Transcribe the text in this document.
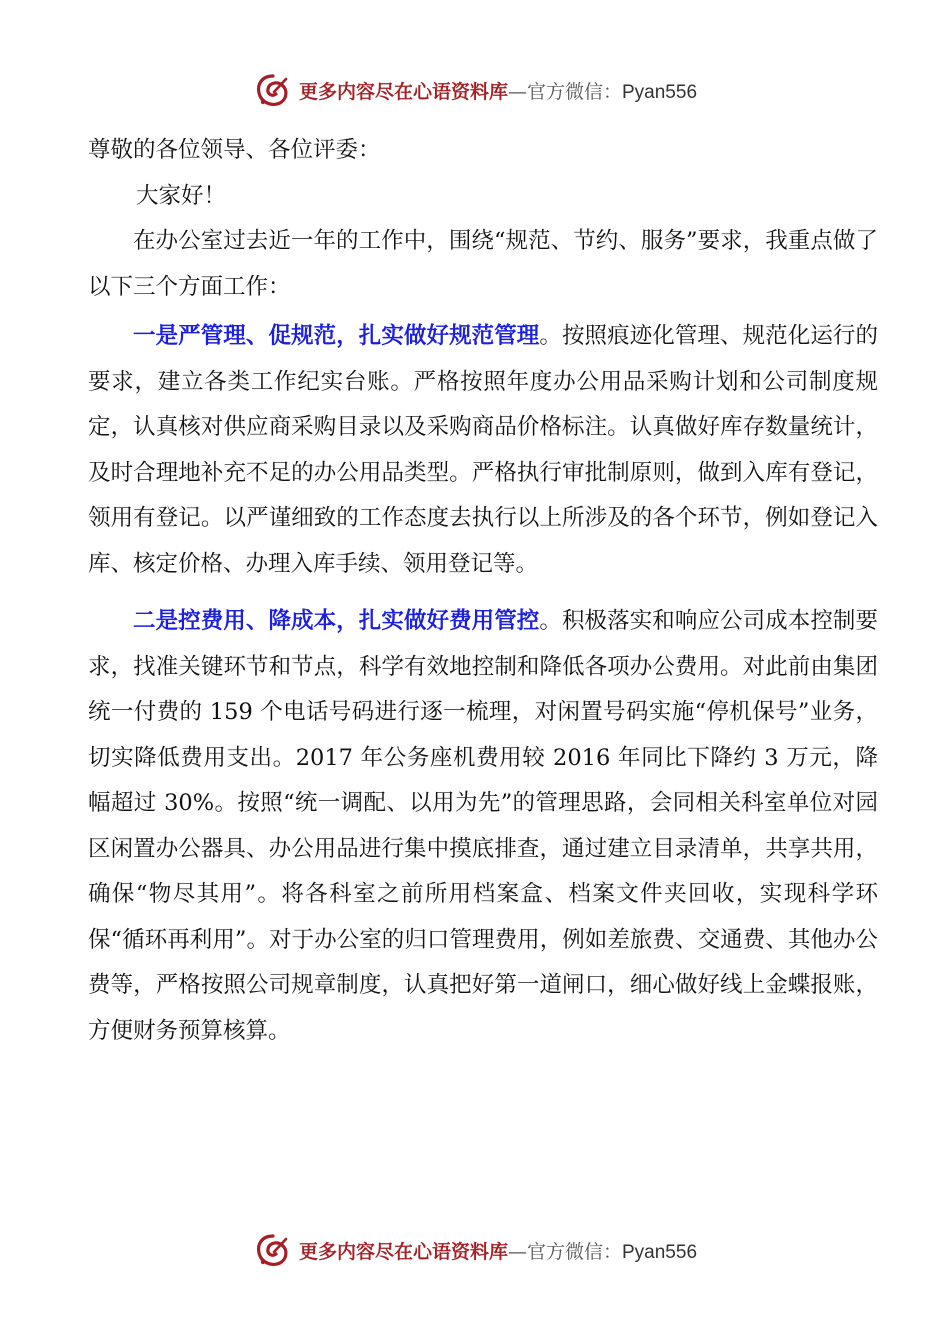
更多内容尽在心语资料库—官方微信：Pyan556

尊敬的各位领导、各位评委：

大家好！

在办公室过去近一年的工作中，围绕“规范、节约、服务”要求，我重点做了以下三个方面工作：

一是严管理、促规范，扎实做好规范管理。按照痕迹化管理、规范化运行的要求，建立各类工作纪实台账。严格按照年度办公用品采购计划和公司制度规定，认真核对供应商采购目录以及采购商品价格标注。认真做好库存数量统计，及时合理地补充不足的办公用品类型。严格执行审批制原则，做到入库有登记，领用有登记。以严谨细致的工作态度去执行以上所涉及的各个环节，例如登记入库、核定价格、办理入库手续、领用登记等。

二是控费用、降成本，扎实做好费用管控。积极落实和响应公司成本控制要求，找准关键环节和节点，科学有效地控制和降低各项办公费用。对此前由集团统一付费的 159 个电话号码进行逐一梳理，对闲置号码实施“停机保号”业务，切实降低费用支出。2017 年公务座机费用较 2016 年同比下降约 3 万元，降幅超过 30%。按照“统一调配、以用为先”的管理思路，会同相关科室单位对园区闲置办公器具、办公用品进行集中摸底排查，通过建立目录清单，共享共用，确保“物尽其用”。将各科室之前所用档案盒、档案文件夹回收，实现科学环保“循环再利用”。对于办公室的归口管理费用，例如差旅费、交通费、其他办公费等，严格按照公司规章制度，认真把好第一道闸口，细心做好线上金蝶报账，方便财务预算核算。

更多内容尽在心语资料库—官方微信：Pyan556
